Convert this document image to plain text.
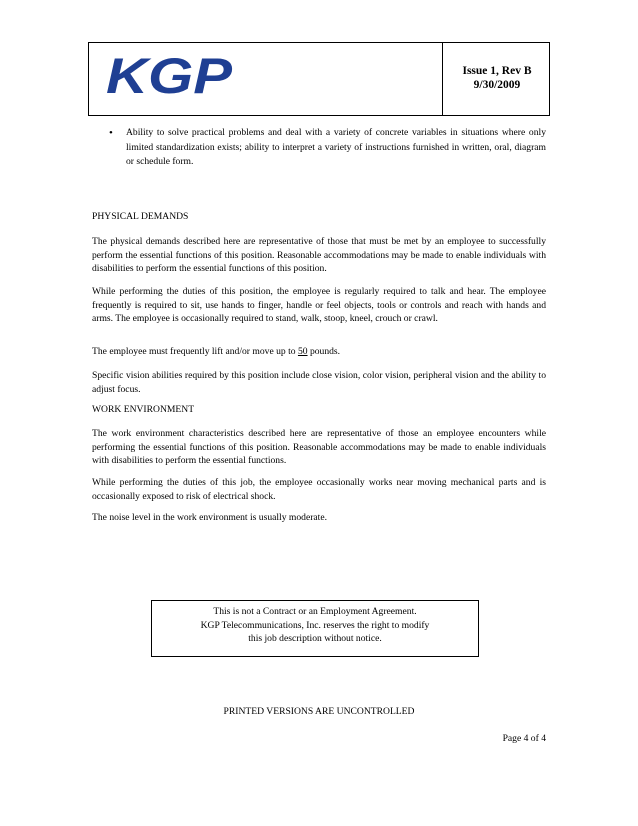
KGP	Issue 1, Rev B
9/30/2009
• Ability to solve practical problems and deal with a variety of concrete variables in situations where only limited standardization exists; ability to interpret a variety of instructions furnished in written, oral, diagram or schedule form.
PHYSICAL DEMANDS
The physical demands described here are representative of those that must be met by an employee to successfully perform the essential functions of this position. Reasonable accommodations may be made to enable individuals with disabilities to perform the essential functions of this position.
While performing the duties of this position, the employee is regularly required to talk and hear. The employee frequently is required to sit, use hands to finger, handle or feel objects, tools or controls and reach with hands and arms. The employee is occasionally required to stand, walk, stoop, kneel, crouch or crawl.
The employee must frequently lift and/or move up to 50 pounds.
Specific vision abilities required by this position include close vision, color vision, peripheral vision and the ability to adjust focus.
WORK ENVIRONMENT
The work environment characteristics described here are representative of those an employee encounters while performing the essential functions of this position. Reasonable accommodations may be made to enable individuals with disabilities to perform the essential functions.
While performing the duties of this job, the employee occasionally works near moving mechanical parts and is occasionally exposed to risk of electrical shock.
The noise level in the work environment is usually moderate.
This is not a Contract or an Employment Agreement.
KGP Telecommunications, Inc. reserves the right to modify
this job description without notice.
PRINTED VERSIONS ARE UNCONTROLLED
Page 4 of 4
